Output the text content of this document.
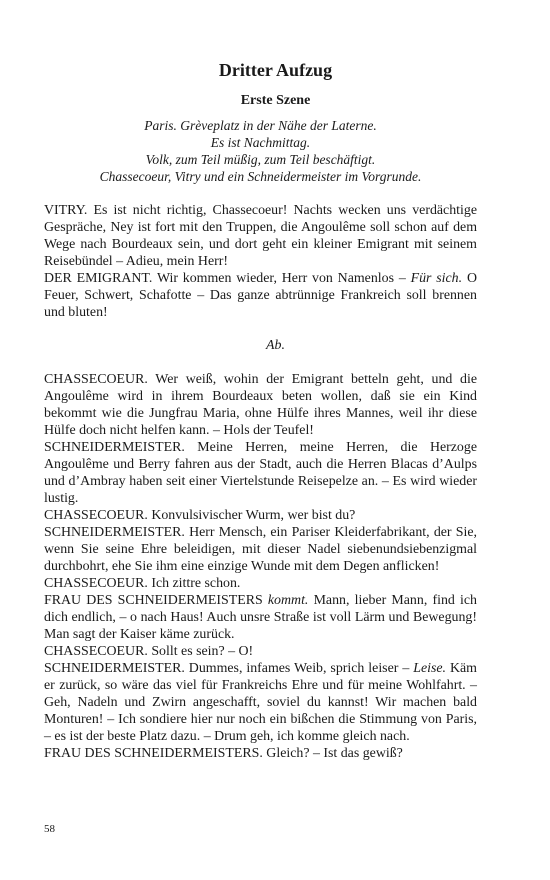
Dritter Aufzug
Erste Szene
Paris. Grèveplatz in der Nähe der Laterne.
Es ist Nachmittag.
Volk, zum Teil müßig, zum Teil beschäftigt.
Chassecoeur, Vitry und ein Schneidermeister im Vorgrunde.

VITRY. Es ist nicht richtig, Chassecoeur! Nachts wecken uns verdächtige Gespräche, Ney ist fort mit den Truppen, die Angoulême soll schon auf dem Wege nach Bourdeaux sein, und dort geht ein kleiner Emigrant mit seinem Reisebündel – Adieu, mein Herr!

DER EMIGRANT. Wir kommen wieder, Herr von Namenlos – Für sich. O Feuer, Schwert, Schafotte – Das ganze abtrünnige Frankreich soll brennen und bluten!

Ab.

CHASSECOEUR. Wer weiß, wohin der Emigrant betteln geht, und die Angoulême wird in ihrem Bourdeaux beten wollen, daß sie ein Kind bekommt wie die Jungfrau Maria, ohne Hülfe ihres Mannes, weil ihr diese Hülfe doch nicht helfen kann. – Hols der Teufel!

SCHNEIDERMEISTER. Meine Herren, meine Herren, die Herzoge Angoulême und Berry fahren aus der Stadt, auch die Herren Blacas d’Aulps und d’Ambray haben seit einer Viertelstunde Reisepelze an. – Es wird wieder lustig.

CHASSECOEUR. Konvulsivischer Wurm, wer bist du?

SCHNEIDERMEISTER. Herr Mensch, ein Pariser Kleiderfabrikant, der Sie, wenn Sie seine Ehre beleidigen, mit dieser Nadel siebenundsiebenzigmal durchbohrt, ehe Sie ihm eine einzige Wunde mit dem Degen anflicken!

CHASSECOEUR. Ich zittre schon.

FRAU DES SCHNEIDERMEISTERS kommt. Mann, lieber Mann, find ich dich endlich, – o nach Haus! Auch unsre Straße ist voll Lärm und Bewegung! Man sagt der Kaiser käme zurück.

CHASSECOEUR. Sollt es sein? – O!

SCHNEIDERMEISTER. Dummes, infames Weib, sprich leiser – Leise. Käm er zurück, so wäre das viel für Frankreichs Ehre und für meine Wohlfahrt. – Geh, Nadeln und Zwirn angeschafft, soviel du kannst! Wir machen bald Monturen! – Ich sondiere hier nur noch ein bißchen die Stimmung von Paris, – es ist der beste Platz dazu. – Drum geh, ich komme gleich nach.

FRAU DES SCHNEIDERMEISTERS. Gleich? – Ist das gewiß?

58
